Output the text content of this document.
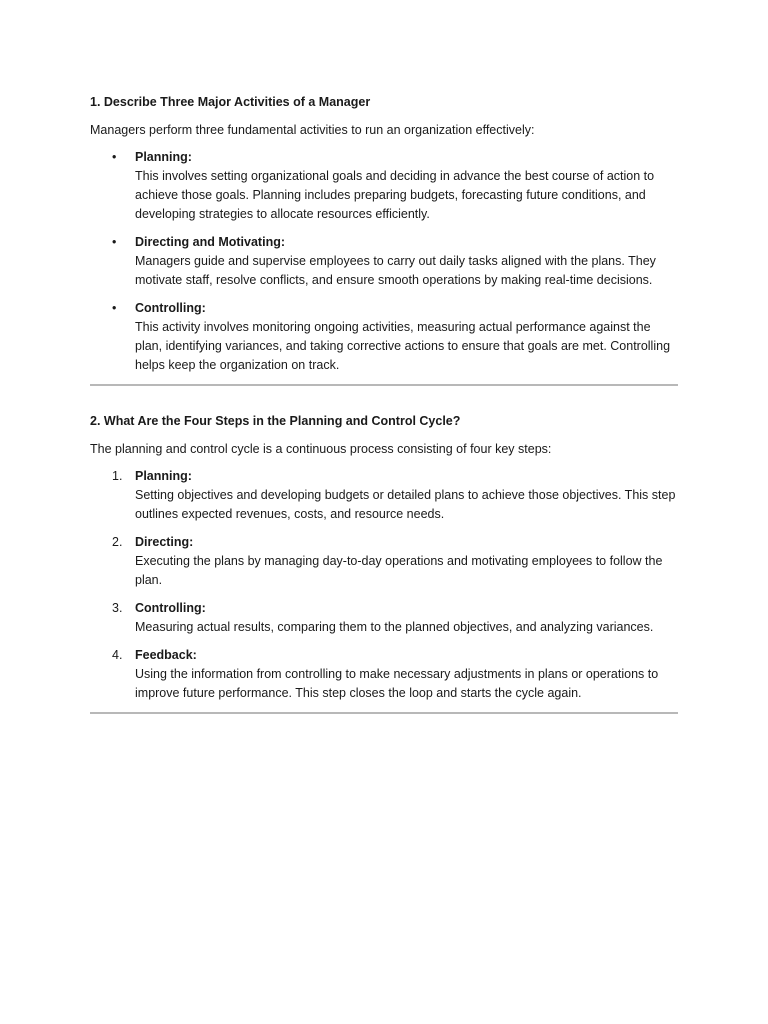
1. Describe Three Major Activities of a Manager

Managers perform three fundamental activities to run an organization effectively:

•	Planning:
This involves setting organizational goals and deciding in advance the best course of action to achieve those goals. Planning includes preparing budgets, forecasting future conditions, and developing strategies to allocate resources efficiently.
•	Directing and Motivating:
Managers guide and supervise employees to carry out daily tasks aligned with the plans. They motivate staff, resolve conflicts, and ensure smooth operations by making real-time decisions.
•	Controlling:
This activity involves monitoring ongoing activities, measuring actual performance against the plan, identifying variances, and taking corrective actions to ensure that goals are met. Controlling helps keep the organization on track.

2. What Are the Four Steps in the Planning and Control Cycle?

The planning and control cycle is a continuous process consisting of four key steps:

1.	Planning:
Setting objectives and developing budgets or detailed plans to achieve those objectives. This step outlines expected revenues, costs, and resource needs.
2.	Directing:
Executing the plans by managing day-to-day operations and motivating employees to follow the plan.
3.	Controlling:
Measuring actual results, comparing them to the planned objectives, and analyzing variances.
4.	Feedback:
Using the information from controlling to make necessary adjustments in plans or operations to improve future performance. This step closes the loop and starts the cycle again.
